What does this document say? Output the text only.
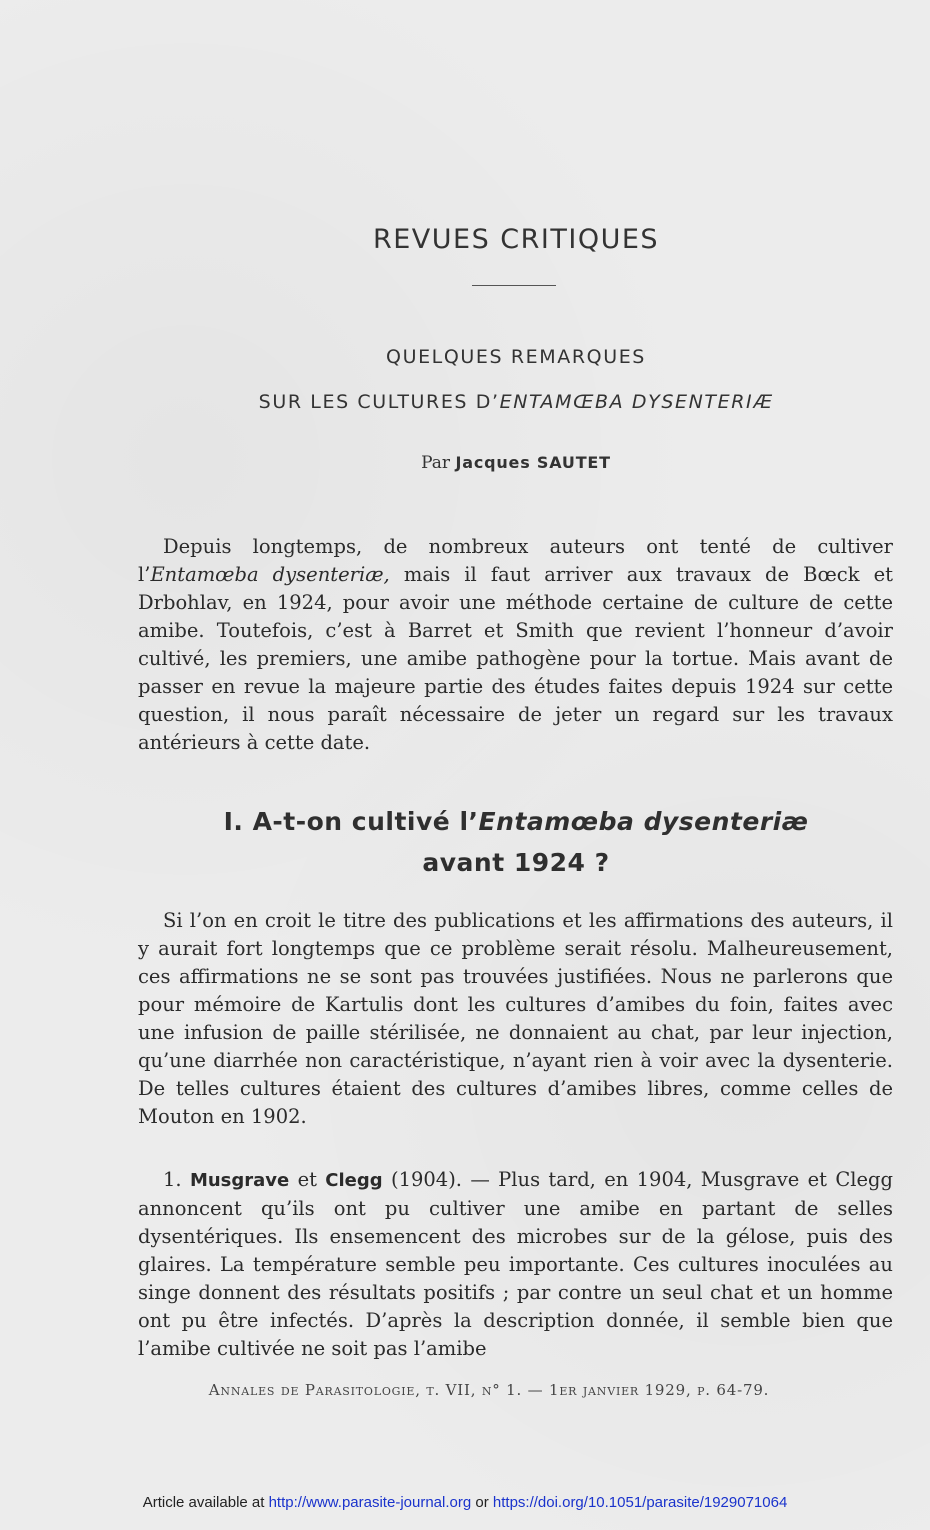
REVUES CRITIQUES
QUELQUES REMARQUES
SUR LES CULTURES D’ENTAMŒBA DYSENTERIÆ
Par Jacques SAUTET
Depuis longtemps, de nombreux auteurs ont tenté de cultiver l’Entamœba dysenteriæ, mais il faut arriver aux travaux de Bœck et Drbohlav, en 1924, pour avoir une méthode certaine de culture de cette amibe. Toutefois, c’est à Barret et Smith que revient l’honneur d’avoir cultivé, les premiers, une amibe pathogène pour la tortue. Mais avant de passer en revue la majeure partie des études faites depuis 1924 sur cette question, il nous paraît nécessaire de jeter un regard sur les travaux antérieurs à cette date.
I. A-t-on cultivé l’Entamœba dysenteriæ
avant 1924 ?
Si l’on en croit le titre des publications et les affirmations des auteurs, il y aurait fort longtemps que ce problème serait résolu. Malheureusement, ces affirmations ne se sont pas trouvées justifiées. Nous ne parlerons que pour mémoire de Kartulis dont les cultures d’amibes du foin, faites avec une infusion de paille stérilisée, ne donnaient au chat, par leur injection, qu’une diarrhée non caractéristique, n’ayant rien à voir avec la dysenterie. De telles cultures étaient des cultures d’amibes libres, comme celles de Mouton en 1902.
1. Musgrave et Clegg (1904). — Plus tard, en 1904, Musgrave et Clegg annoncent qu’ils ont pu cultiver une amibe en partant de selles dysentériques. Ils ensemencent des microbes sur de la gélose, puis des glaires. La température semble peu importante. Ces cultures inoculées au singe donnent des résultats positifs ; par contre un seul chat et un homme ont pu être infectés. D’après la description donnée, il semble bien que l’amibe cultivée ne soit pas l’amibe
Annales de Parasitologie, t. VII, n° 1. — 1er janvier 1929, p. 64-79.
Article available at http://www.parasite-journal.org or https://doi.org/10.1051/parasite/1929071064
